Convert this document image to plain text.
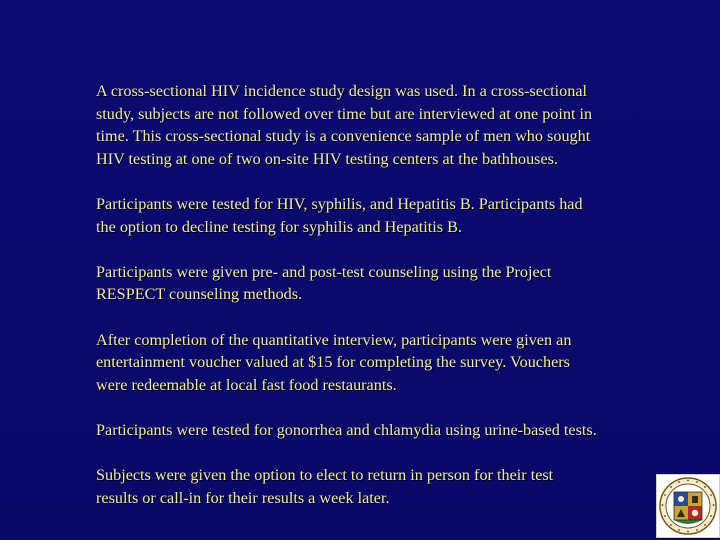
A cross-sectional HIV incidence study design was used. In a cross-sectional
study, subjects are not followed over time but are interviewed at one point in
time. This cross-sectional study is a convenience sample of men who sought
HIV testing at one of two on-site HIV testing centers at the bathhouses.

Participants were tested for HIV, syphilis, and Hepatitis B. Participants had
the option to decline testing for syphilis and Hepatitis B.

Participants were given pre- and post-test counseling using the Project
RESPECT counseling methods.

After completion of the quantitative interview, participants were given an
entertainment voucher valued at $15 for completing the survey. Vouchers
were redeemable at local fast food restaurants.

Participants were tested for gonorrhea and chlamydia using urine-based tests.

Subjects were given the option to elect to return in person for their test
results or call-in for their results a week later.
